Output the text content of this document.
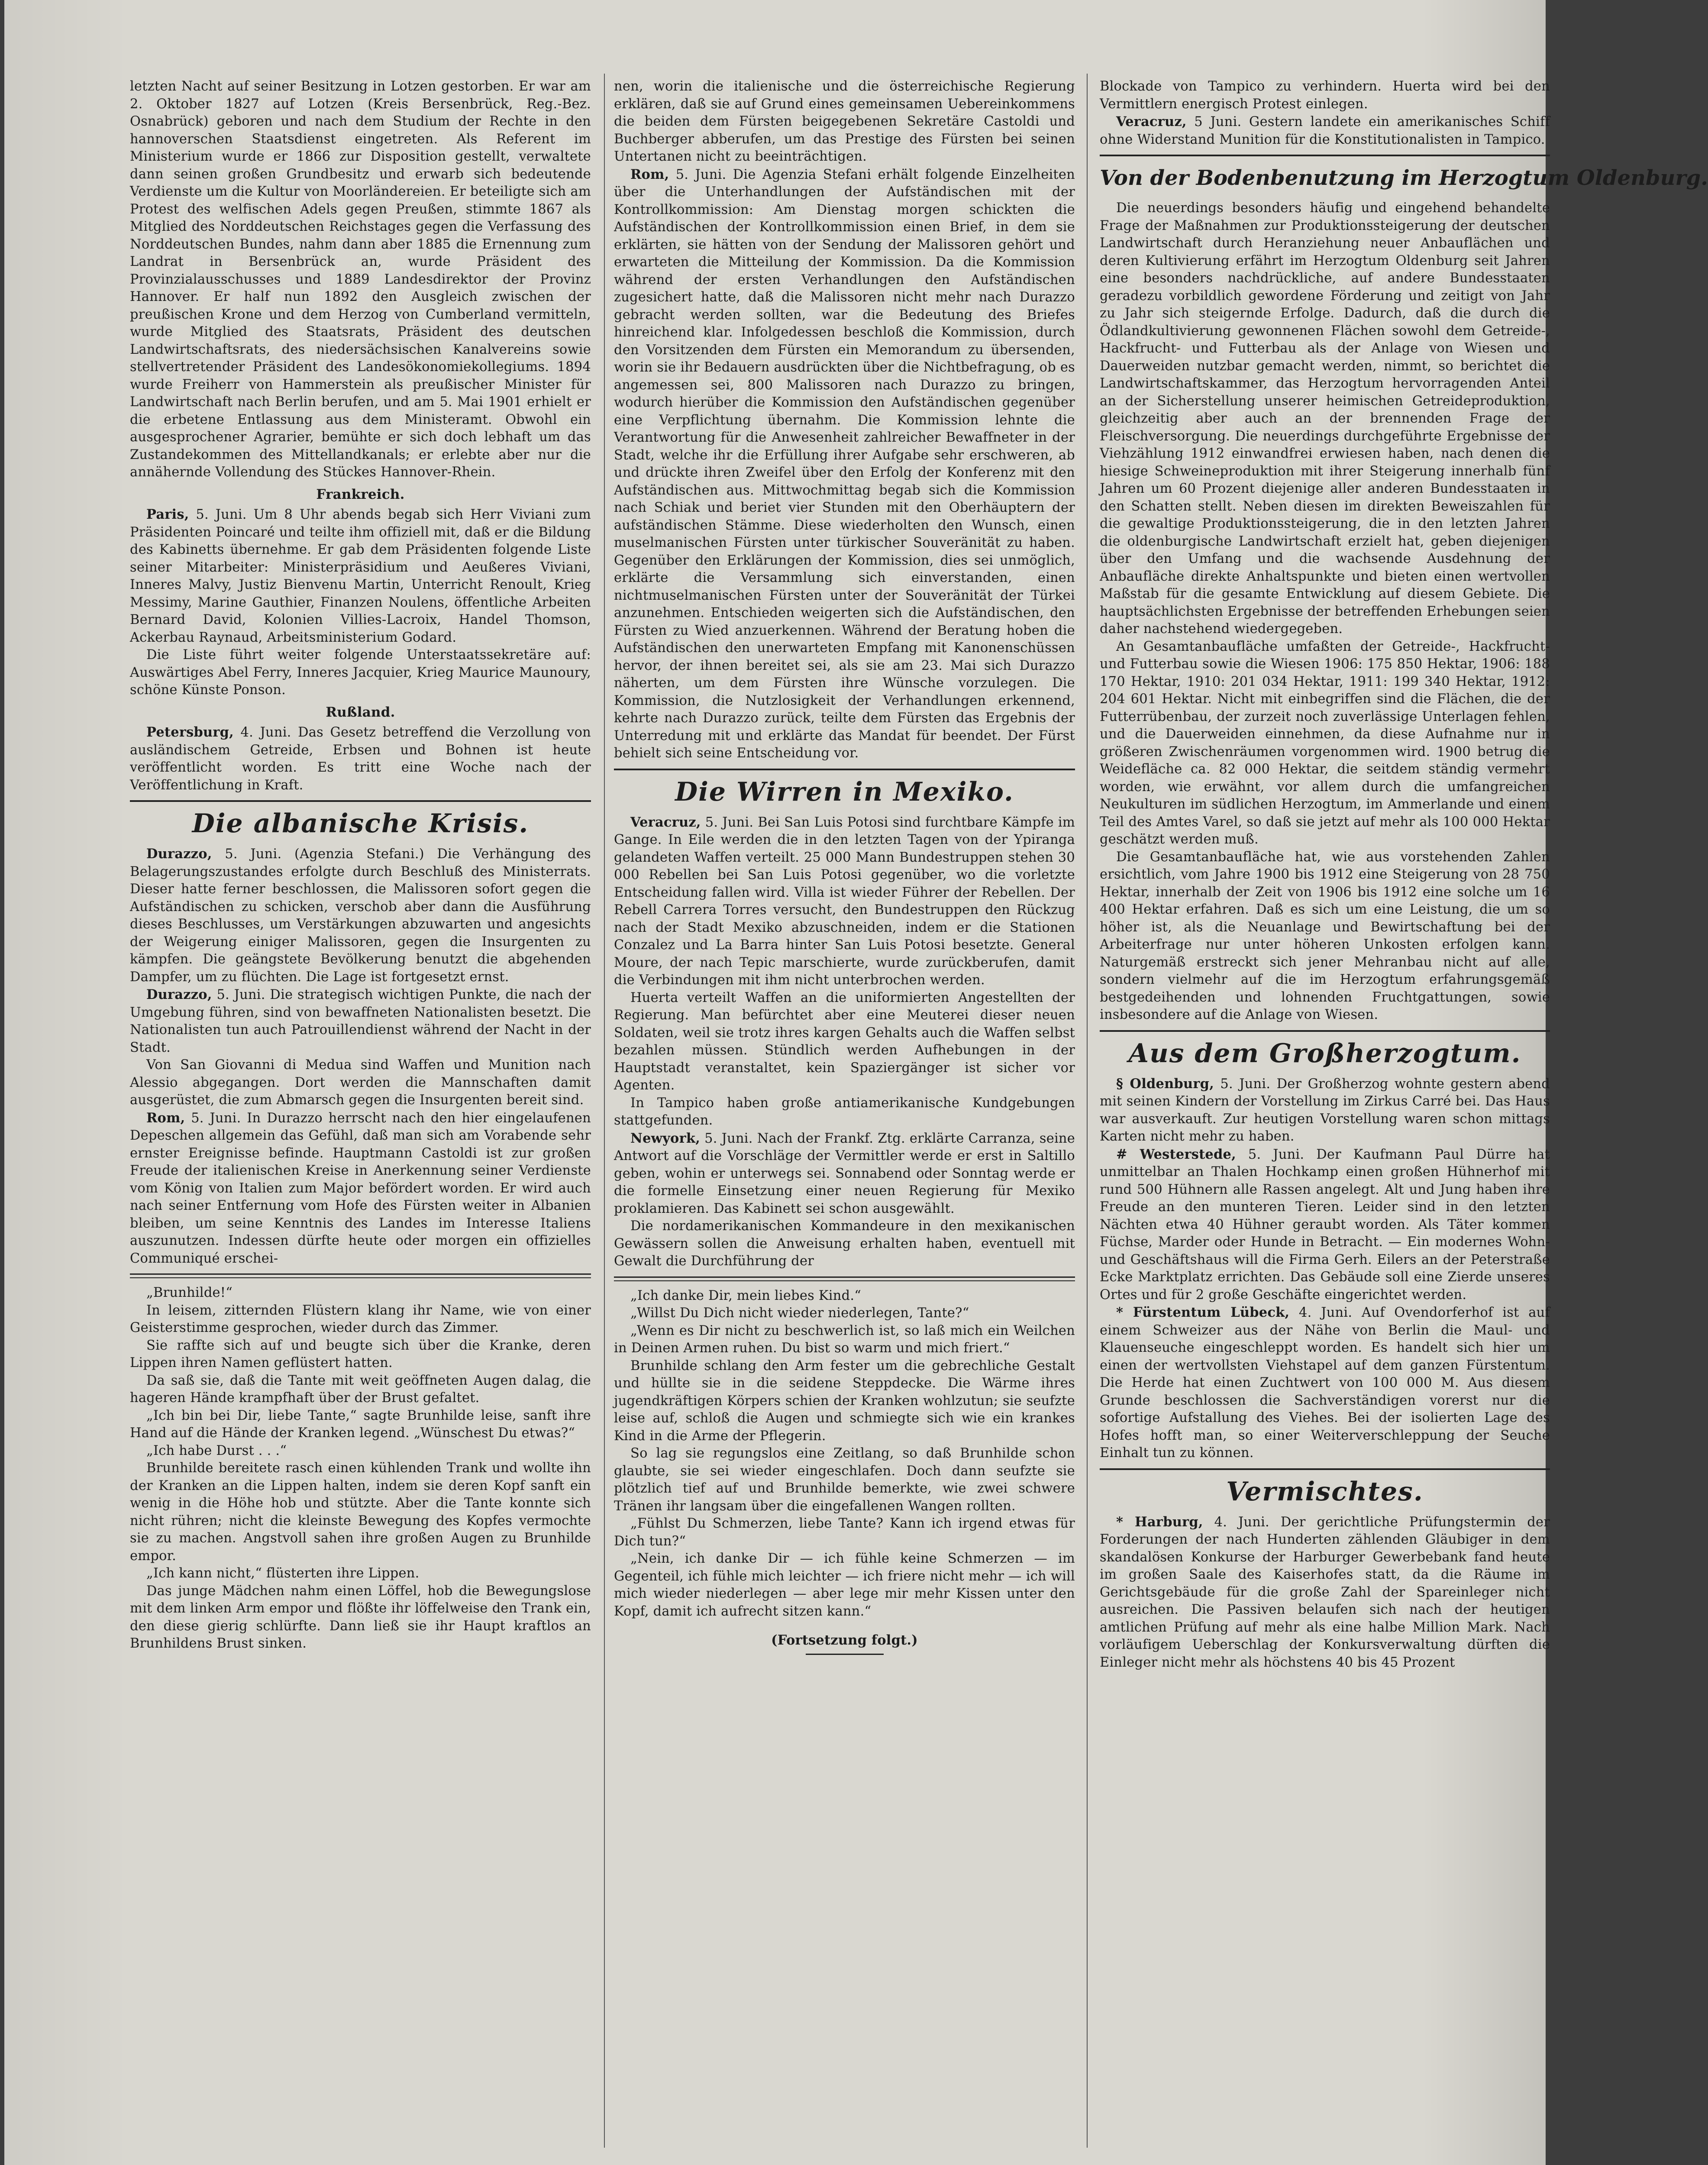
letzten Nacht auf seiner Besitzung in Lotzen gestorben. Er war am 2. Oktober 1827 auf Lotzen (Kreis Bersenbrück, Reg.-Bez. Osnabrück) geboren und nach dem Studium der Rechte in den hannoverschen Staatsdienst eingetreten. Als Referent im Ministerium wurde er 1866 zur Disposition gestellt, verwaltete dann seinen großen Grundbesitz und erwarb sich bedeutende Verdienste um die Kultur von Moorländereien. Er beteiligte sich am Protest des welfischen Adels gegen Preußen, stimmte 1867 als Mitglied des Norddeutschen Reichstages gegen die Verfassung des Norddeutschen Bundes, nahm dann aber 1885 die Ernennung zum Landrat in Bersenbrück an, wurde Präsident des Provinzialausschusses und 1889 Landesdirektor der Provinz Hannover. Er half nun 1892 den Ausgleich zwischen der preußischen Krone und dem Herzog von Cumberland vermitteln, wurde Mitglied des Staatsrats, Präsident des deutschen Landwirtschaftsrats, des niedersächsischen Kanalvereins sowie stellvertretender Präsident des Landesökonomiekollegiums. 1894 wurde Freiherr von Hammerstein als preußischer Minister für Landwirtschaft nach Berlin berufen, und am 5. Mai 1901 erhielt er die erbetene Entlassung aus dem Ministeramt. Obwohl ein ausgesprochener Agrarier, bemühte er sich doch lebhaft um das Zustandekommen des Mittellandkanals; er erlebte aber nur die annähernde Vollendung des Stückes Hannover-Rhein.

Frankreich.

Paris, 5. Juni. Um 8 Uhr abends begab sich Herr Viviani zum Präsidenten Poincaré und teilte ihm offiziell mit, daß er die Bildung des Kabinetts übernehme. Er gab dem Präsidenten folgende Liste seiner Mitarbeiter: Ministerpräsidium und Aeußeres Viviani, Inneres Malvy, Justiz Bienvenu Martin, Unterricht Renoult, Krieg Messimy, Marine Gauthier, Finanzen Noulens, öffentliche Arbeiten Bernard David, Kolonien Villies-Lacroix, Handel Thomson, Ackerbau Raynaud, Arbeitsministerium Godard.

Die Liste führt weiter folgende Unterstaatssekretäre auf: Auswärtiges Abel Ferry, Inneres Jacquier, Krieg Maurice Maunoury, schöne Künste Ponson.

Rußland.

Petersburg, 4. Juni. Das Gesetz betreffend die Verzollung von ausländischem Getreide, Erbsen und Bohnen ist heute veröffentlicht worden. Es tritt eine Woche nach der Veröffentlichung in Kraft.

Die albanische Krisis.

Durazzo, 5. Juni. (Agenzia Stefani.) Die Verhängung des Belagerungszustandes erfolgte durch Beschluß des Ministerrats. Dieser hatte ferner beschlossen, die Malissoren sofort gegen die Aufständischen zu schicken, verschob aber dann die Ausführung dieses Beschlusses, um Verstärkungen abzuwarten und angesichts der Weigerung einiger Malissoren, gegen die Insurgenten zu kämpfen. Die geängstete Bevölkerung benutzt die abgehenden Dampfer, um zu flüchten. Die Lage ist fortgesetzt ernst.

Durazzo, 5. Juni. Die strategisch wichtigen Punkte, die nach der Umgebung führen, sind von bewaffneten Nationalisten besetzt. Die Nationalisten tun auch Patrouillendienst während der Nacht in der Stadt.

Von San Giovanni di Medua sind Waffen und Munition nach Alessio abgegangen. Dort werden die Mannschaften damit ausgerüstet, die zum Abmarsch gegen die Insurgenten bereit sind.

Rom, 5. Juni. In Durazzo herrscht nach den hier eingelaufenen Depeschen allgemein das Gefühl, daß man sich am Vorabende sehr ernster Ereignisse befinde. Hauptmann Castoldi ist zur großen Freude der italienischen Kreise in Anerkennung seiner Verdienste vom König von Italien zum Major befördert worden. Er wird auch nach seiner Entfernung vom Hofe des Fürsten weiter in Albanien bleiben, um seine Kenntnis des Landes im Interesse Italiens auszunutzen. Indessen dürfte heute oder morgen ein offizielles Communiqué erschei-

„Brunhilde!“

In leisem, zitternden Flüstern klang ihr Name, wie von einer Geisterstimme gesprochen, wieder durch das Zimmer.

Sie raffte sich auf und beugte sich über die Kranke, deren Lippen ihren Namen geflüstert hatten.

Da saß sie, daß die Tante mit weit geöffneten Augen dalag, die hageren Hände krampfhaft über der Brust gefaltet.

„Ich bin bei Dir, liebe Tante,“ sagte Brunhilde leise, sanft ihre Hand auf die Hände der Kranken legend. „Wünschest Du etwas?“

„Ich habe Durst . . .“

Brunhilde bereitete rasch einen kühlenden Trank und wollte ihn der Kranken an die Lippen halten, indem sie deren Kopf sanft ein wenig in die Höhe hob und stützte. Aber die Tante konnte sich nicht rühren; nicht die kleinste Bewegung des Kopfes vermochte sie zu machen. Angstvoll sahen ihre großen Augen zu Brunhilde empor.

„Ich kann nicht,“ flüsterten ihre Lippen.

Das junge Mädchen nahm einen Löffel, hob die Bewegungslose mit dem linken Arm empor und flößte ihr löffelweise den Trank ein, den diese gierig schlürfte. Dann ließ sie ihr Haupt kraftlos an Brunhildens Brust sinken.

nen, worin die italienische und die österreichische Regierung erklären, daß sie auf Grund eines gemeinsamen Uebereinkommens die beiden dem Fürsten beigegebenen Sekretäre Castoldi und Buchberger abberufen, um das Prestige des Fürsten bei seinen Untertanen nicht zu beeinträchtigen.

Rom, 5. Juni. Die Agenzia Stefani erhält folgende Einzelheiten über die Unterhandlungen der Aufständischen mit der Kontrollkommission: Am Dienstag morgen schickten die Aufständischen der Kontrollkommission einen Brief, in dem sie erklärten, sie hätten von der Sendung der Malissoren gehört und erwarteten die Mitteilung der Kommission. Da die Kommission während der ersten Verhandlungen den Aufständischen zugesichert hatte, daß die Malissoren nicht mehr nach Durazzo gebracht werden sollten, war die Bedeutung des Briefes hinreichend klar. Infolgedessen beschloß die Kommission, durch den Vorsitzenden dem Fürsten ein Memorandum zu übersenden, worin sie ihr Bedauern ausdrückten über die Nichtbefragung, ob es angemessen sei, 800 Malissoren nach Durazzo zu bringen, wodurch hierüber die Kommission den Aufständischen gegenüber eine Verpflichtung übernahm. Die Kommission lehnte die Verantwortung für die Anwesenheit zahlreicher Bewaffneter in der Stadt, welche ihr die Erfüllung ihrer Aufgabe sehr erschweren, ab und drückte ihren Zweifel über den Erfolg der Konferenz mit den Aufständischen aus. Mittwochmittag begab sich die Kommission nach Schiak und beriet vier Stunden mit den Oberhäuptern der aufständischen Stämme. Diese wiederholten den Wunsch, einen muselmanischen Fürsten unter türkischer Souveränität zu haben. Gegenüber den Erklärungen der Kommission, dies sei unmöglich, erklärte die Versammlung sich einverstanden, einen nichtmuselmanischen Fürsten unter der Souveränität der Türkei anzunehmen. Entschieden weigerten sich die Aufständischen, den Fürsten zu Wied anzuerkennen. Während der Beratung hoben die Aufständischen den unerwarteten Empfang mit Kanonenschüssen hervor, der ihnen bereitet sei, als sie am 23. Mai sich Durazzo näherten, um dem Fürsten ihre Wünsche vorzulegen. Die Kommission, die Nutzlosigkeit der Verhandlungen erkennend, kehrte nach Durazzo zurück, teilte dem Fürsten das Ergebnis der Unterredung mit und erklärte das Mandat für beendet. Der Fürst behielt sich seine Entscheidung vor.

Die Wirren in Mexiko.

Veracruz, 5. Juni. Bei San Luis Potosi sind furchtbare Kämpfe im Gange. In Eile werden die in den letzten Tagen von der Ypiranga gelandeten Waffen verteilt. 25 000 Mann Bundestruppen stehen 30 000 Rebellen bei San Luis Potosi gegenüber, wo die vorletzte Entscheidung fallen wird. Villa ist wieder Führer der Rebellen. Der Rebell Carrera Torres versucht, den Bundestruppen den Rückzug nach der Stadt Mexiko abzuschneiden, indem er die Stationen Conzalez und La Barra hinter San Luis Potosi besetzte. General Moure, der nach Tepic marschierte, wurde zurückberufen, damit die Verbindungen mit ihm nicht unterbrochen werden.

Huerta verteilt Waffen an die uniformierten Angestellten der Regierung. Man befürchtet aber eine Meuterei dieser neuen Soldaten, weil sie trotz ihres kargen Gehalts auch die Waffen selbst bezahlen müssen. Stündlich werden Aufhebungen in der Hauptstadt veranstaltet, kein Spaziergänger ist sicher vor Agenten.

In Tampico haben große antiamerikanische Kundgebungen stattgefunden.

Newyork, 5. Juni. Nach der Frankf. Ztg. erklärte Carranza, seine Antwort auf die Vorschläge der Vermittler werde er erst in Saltillo geben, wohin er unterwegs sei. Sonnabend oder Sonntag werde er die formelle Einsetzung einer neuen Regierung für Mexiko proklamieren. Das Kabinett sei schon ausgewählt.

Die nordamerikanischen Kommandeure in den mexikanischen Gewässern sollen die Anweisung erhalten haben, eventuell mit Gewalt die Durchführung der

„Ich danke Dir, mein liebes Kind.“

„Willst Du Dich nicht wieder niederlegen, Tante?“

„Wenn es Dir nicht zu beschwerlich ist, so laß mich ein Weilchen in Deinen Armen ruhen. Du bist so warm und mich friert.“

Brunhilde schlang den Arm fester um die gebrechliche Gestalt und hüllte sie in die seidene Steppdecke. Die Wärme ihres jugendkräftigen Körpers schien der Kranken wohlzutun; sie seufzte leise auf, schloß die Augen und schmiegte sich wie ein krankes Kind in die Arme der Pflegerin.

So lag sie regungslos eine Zeitlang, so daß Brunhilde schon glaubte, sie sei wieder eingeschlafen. Doch dann seufzte sie plötzlich tief auf und Brunhilde bemerkte, wie zwei schwere Tränen ihr langsam über die eingefallenen Wangen rollten.

„Fühlst Du Schmerzen, liebe Tante? Kann ich irgend etwas für Dich tun?“

„Nein, ich danke Dir — ich fühle keine Schmerzen — im Gegenteil, ich fühle mich leichter — ich friere nicht mehr — ich will mich wieder niederlegen — aber lege mir mehr Kissen unter den Kopf, damit ich aufrecht sitzen kann.“

(Fortsetzung folgt.)

Blockade von Tampico zu verhindern. Huerta wird bei den Vermittlern energisch Protest einlegen.

Veracruz, 5 Juni. Gestern landete ein amerikanisches Schiff ohne Widerstand Munition für die Konstitutionalisten in Tampico.

Von der Bodenbenutzung im Herzogtum Oldenburg.

Die neuerdings besonders häufig und eingehend behandelte Frage der Maßnahmen zur Produktionssteigerung der deutschen Landwirtschaft durch Heranziehung neuer Anbauflächen und deren Kultivierung erfährt im Herzogtum Oldenburg seit Jahren eine besonders nachdrückliche, auf andere Bundesstaaten geradezu vorbildlich gewordene Förderung und zeitigt von Jahr zu Jahr sich steigernde Erfolge. Dadurch, daß die durch die Ödlandkultivierung gewonnenen Flächen sowohl dem Getreide-, Hackfrucht- und Futterbau als der Anlage von Wiesen und Dauerweiden nutzbar gemacht werden, nimmt, so berichtet die Landwirtschaftskammer, das Herzogtum hervorragenden Anteil an der Sicherstellung unserer heimischen Getreideproduktion, gleichzeitig aber auch an der brennenden Frage der Fleischversorgung. Die neuerdings durchgeführte Ergebnisse der Viehzählung 1912 einwandfrei erwiesen haben, nach denen die hiesige Schweineproduktion mit ihrer Steigerung innerhalb fünf Jahren um 60 Prozent diejenige aller anderen Bundesstaaten in den Schatten stellt. Neben diesen im direkten Beweiszahlen für die gewaltige Produktionssteigerung, die in den letzten Jahren die oldenburgische Landwirtschaft erzielt hat, geben diejenigen über den Umfang und die wachsende Ausdehnung der Anbaufläche direkte Anhaltspunkte und bieten einen wertvollen Maßstab für die gesamte Entwicklung auf diesem Gebiete. Die hauptsächlichsten Ergebnisse der betreffenden Erhebungen seien daher nachstehend wiedergegeben.

An Gesamtanbaufläche umfaßten der Getreide-, Hackfrucht- und Futterbau sowie die Wiesen 1906: 175 850 Hektar, 1906: 188 170 Hektar, 1910: 201 034 Hektar, 1911: 199 340 Hektar, 1912: 204 601 Hektar. Nicht mit einbegriffen sind die Flächen, die der Futterrübenbau, der zurzeit noch zuverlässige Unterlagen fehlen, und die Dauerweiden einnehmen, da diese Aufnahme nur in größeren Zwischenräumen vorgenommen wird. 1900 betrug die Weidefläche ca. 82 000 Hektar, die seitdem ständig vermehrt worden, wie erwähnt, vor allem durch die umfangreichen Neukulturen im südlichen Herzogtum, im Ammerlande und einem Teil des Amtes Varel, so daß sie jetzt auf mehr als 100 000 Hektar geschätzt werden muß.

Die Gesamtanbaufläche hat, wie aus vorstehenden Zahlen ersichtlich, vom Jahre 1900 bis 1912 eine Steigerung von 28 750 Hektar, innerhalb der Zeit von 1906 bis 1912 eine solche um 16 400 Hektar erfahren. Daß es sich um eine Leistung, die um so höher ist, als die Neuanlage und Bewirtschaftung bei der Arbeiterfrage nur unter höheren Unkosten erfolgen kann. Naturgemäß erstreckt sich jener Mehranbau nicht auf alle, sondern vielmehr auf die im Herzogtum erfahrungsgemäß bestgedeihenden und lohnenden Fruchtgattungen, sowie insbesondere auf die Anlage von Wiesen.

Aus dem Großherzogtum.

§ Oldenburg, 5. Juni. Der Großherzog wohnte gestern abend mit seinen Kindern der Vorstellung im Zirkus Carré bei. Das Haus war ausverkauft. Zur heutigen Vorstellung waren schon mittags Karten nicht mehr zu haben.

# Westerstede, 5. Juni. Der Kaufmann Paul Dürre hat unmittelbar an Thalen Hochkamp einen großen Hühnerhof mit rund 500 Hühnern alle Rassen angelegt. Alt und Jung haben ihre Freude an den munteren Tieren. Leider sind in den letzten Nächten etwa 40 Hühner geraubt worden. Als Täter kommen Füchse, Marder oder Hunde in Betracht. — Ein modernes Wohn- und Geschäftshaus will die Firma Gerh. Eilers an der Peterstraße Ecke Marktplatz errichten. Das Gebäude soll eine Zierde unseres Ortes und für 2 große Geschäfte eingerichtet werden.

* Fürstentum Lübeck, 4. Juni. Auf Ovendorferhof ist auf einem Schweizer aus der Nähe von Berlin die Maul- und Klauenseuche eingeschleppt worden. Es handelt sich hier um einen der wertvollsten Viehstapel auf dem ganzen Fürstentum. Die Herde hat einen Zuchtwert von 100 000 M. Aus diesem Grunde beschlossen die Sachverständigen vorerst nur die sofortige Aufstallung des Viehes. Bei der isolierten Lage des Hofes hofft man, so einer Weiterverschleppung der Seuche Einhalt tun zu können.

Vermischtes.

* Harburg, 4. Juni. Der gerichtliche Prüfungstermin der Forderungen der nach Hunderten zählenden Gläubiger in dem skandalösen Konkurse der Harburger Gewerbebank fand heute im großen Saale des Kaiserhofes statt, da die Räume im Gerichtsgebäude für die große Zahl der Spareinleger nicht ausreichen. Die Passiven belaufen sich nach der heutigen amtlichen Prüfung auf mehr als eine halbe Million Mark. Nach vorläufigem Ueberschlag der Konkursverwaltung dürften die Einleger nicht mehr als höchstens 40 bis 45 Prozent
